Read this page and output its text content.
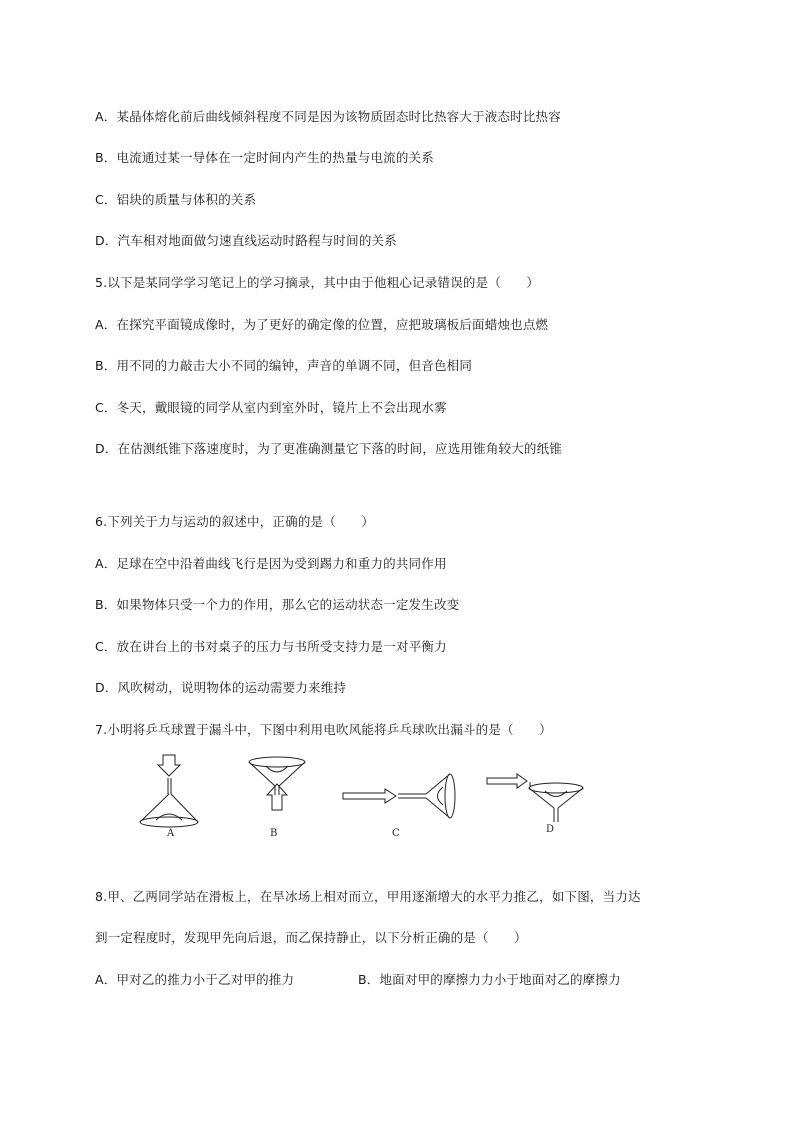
A．某晶体熔化前后曲线倾斜程度不同是因为该物质固态时比热容大于液态时比热容
B．电流通过某一导体在一定时间内产生的热量与电流的关系
C．铝块的质量与体积的关系
D．汽车相对地面做匀速直线运动时路程与时间的关系
5.以下是某同学学习笔记上的学习摘录，其中由于他粗心记录错误的是（　　）
A．在探究平面镜成像时，为了更好的确定像的位置，应把玻璃板后面蜡烛也点燃
B．用不同的力敲击大小不同的编钟，声音的单调不同，但音色相同
C．冬天，戴眼镜的同学从室内到室外时，镜片上不会出现水雾
D．在估测纸锥下落速度时，为了更准确测量它下落的时间，应选用锥角较大的纸锥
6.下列关于力与运动的叙述中，正确的是（　　）
A．足球在空中沿着曲线飞行是因为受到踢力和重力的共同作用
B．如果物体只受一个力的作用，那么它的运动状态一定发生改变
C．放在讲台上的书对桌子的压力与书所受支持力是一对平衡力
D．风吹树动，说明物体的运动需要力来维持
7.小明将乒乓球置于漏斗中，下图中利用电吹风能将乒乓球吹出漏斗的是（　　）
A	B	C	D
8.甲、乙两同学站在滑板上，在旱冰场上相对而立，甲用逐渐增大的水平力推乙，如下图，当力达
到一定程度时，发现甲先向后退，而乙保持静止，以下分析正确的是（　　）
A．甲对乙的推力小于乙对甲的推力	B．地面对甲的摩擦力力小于地面对乙的摩擦力
